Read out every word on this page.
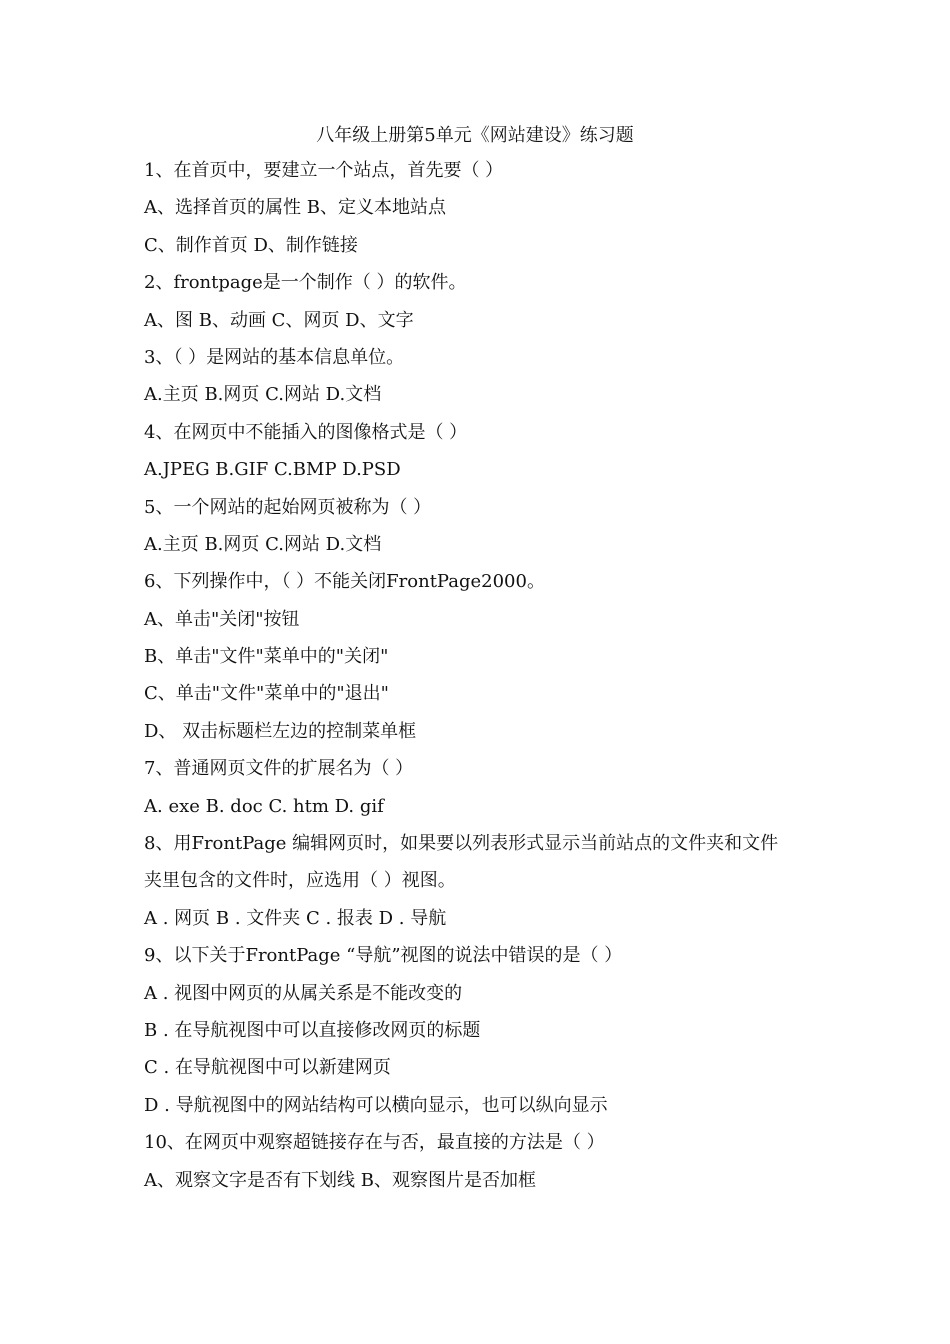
八年级上册第5单元《网站建设》练习题
1、在首页中，要建立一个站点，首先要（ ）
A、选择首页的属性 B、定义本地站点
C、制作首页 D、制作链接
2、frontpage是一个制作（ ）的软件。
A、图 B、动画 C、网页 D、文字
3、（ ）是网站的基本信息单位。
A.主页 B.网页 C.网站 D.文档
4、在网页中不能插入的图像格式是（ ）
A.JPEG B.GIF C.BMP D.PSD
5、一个网站的起始网页被称为（ ）
A.主页 B.网页 C.网站 D.文档
6、下列操作中，（ ）不能关闭FrontPage2000。
A、单击"关闭"按钮
B、单击"文件"菜单中的"关闭"
C、单击"文件"菜单中的"退出"
D、 双击标题栏左边的控制菜单框
7、普通网页文件的扩展名为（ ）
A. exe B. doc C. htm D. gif
8、用FrontPage 编辑网页时，如果要以列表形式显示当前站点的文件夹和文件
夹里包含的文件时，应选用（ ）视图。
A . 网页 B . 文件夹 C . 报表 D . 导航
9、以下关于FrontPage “导航”视图的说法中错误的是（ ）
A . 视图中网页的从属关系是不能改变的
B . 在导航视图中可以直接修改网页的标题
C . 在导航视图中可以新建网页
D . 导航视图中的网站结构可以横向显示，也可以纵向显示
10、在网页中观察超链接存在与否，最直接的方法是（ ）
A、观察文字是否有下划线 B、观察图片是否加框
